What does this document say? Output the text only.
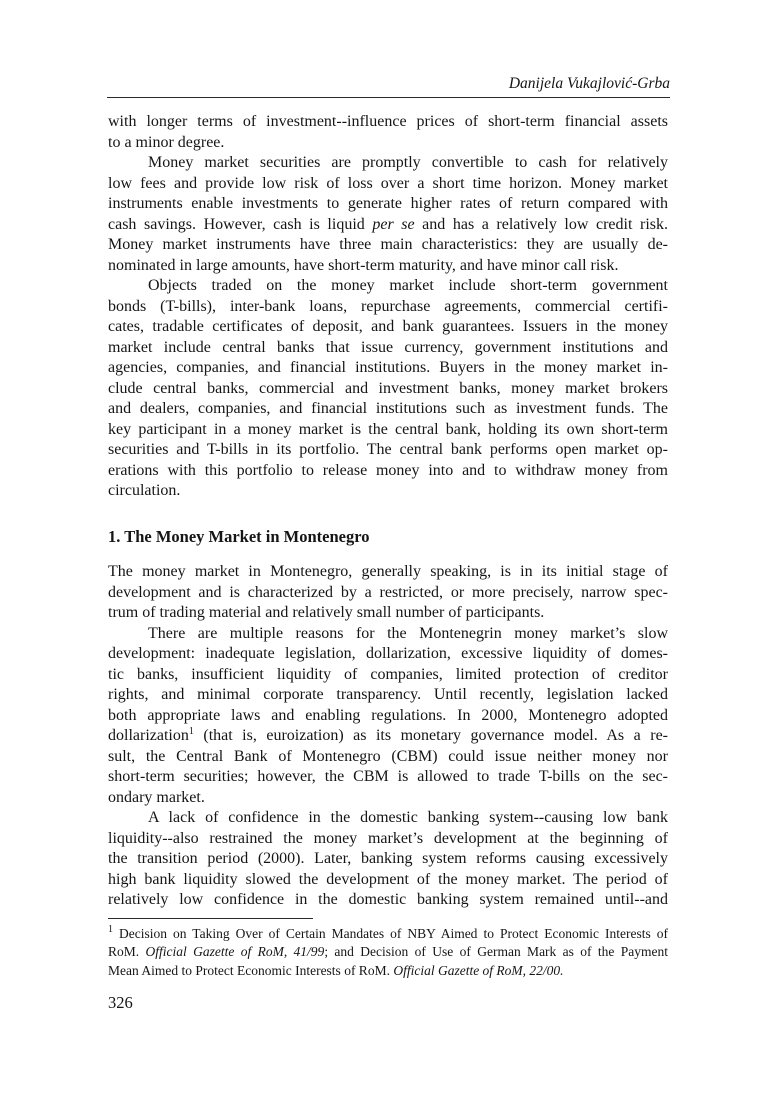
Danijela Vukajlović-Grba
with longer terms of investment--influence prices of short-term financial assets
to a minor degree.
Money market securities are promptly convertible to cash for relatively
low fees and provide low risk of loss over a short time horizon. Money market
instruments enable investments to generate higher rates of return compared with
cash savings. However, cash is liquid per se and has a relatively low credit risk.
Money market instruments have three main characteristics: they are usually de-
nominated in large amounts, have short-term maturity, and have minor call risk.
Objects traded on the money market include short-term government
bonds (T-bills), inter-bank loans, repurchase agreements, commercial certifi-
cates, tradable certificates of deposit, and bank guarantees. Issuers in the money
market include central banks that issue currency, government institutions and
agencies, companies, and financial institutions. Buyers in the money market in-
clude central banks, commercial and investment banks, money market brokers
and dealers, companies, and financial institutions such as investment funds. The
key participant in a money market is the central bank, holding its own short-term
securities and T-bills in its portfolio. The central bank performs open market op-
erations with this portfolio to release money into and to withdraw money from
circulation.
1. The Money Market in Montenegro
The money market in Montenegro, generally speaking, is in its initial stage of
development and is characterized by a restricted, or more precisely, narrow spec-
trum of trading material and relatively small number of participants.
There are multiple reasons for the Montenegrin money market’s slow
development: inadequate legislation, dollarization, excessive liquidity of domes-
tic banks, insufficient liquidity of companies, limited protection of creditor
rights, and minimal corporate transparency. Until recently, legislation lacked
both appropriate laws and enabling regulations. In 2000, Montenegro adopted
dollarization$^1$ (that is, euroization) as its monetary governance model. As a re-
sult, the Central Bank of Montenegro (CBM) could issue neither money nor
short-term securities; however, the CBM is allowed to trade T-bills on the sec-
ondary market.
A lack of confidence in the domestic banking system--causing low bank
liquidity--also restrained the money market’s development at the beginning of
the transition period (2000). Later, banking system reforms causing excessively
high bank liquidity slowed the development of the money market. The period of
relatively low confidence in the domestic banking system remained until--and
$^1$ Decision on Taking Over of Certain Mandates of NBY Aimed to Protect Economic Interests of
RoM. Official Gazette of RoM, 41/99; and Decision of Use of German Mark as of the Payment
Mean Aimed to Protect Economic Interests of RoM. Official Gazette of RoM, 22/00.
326
